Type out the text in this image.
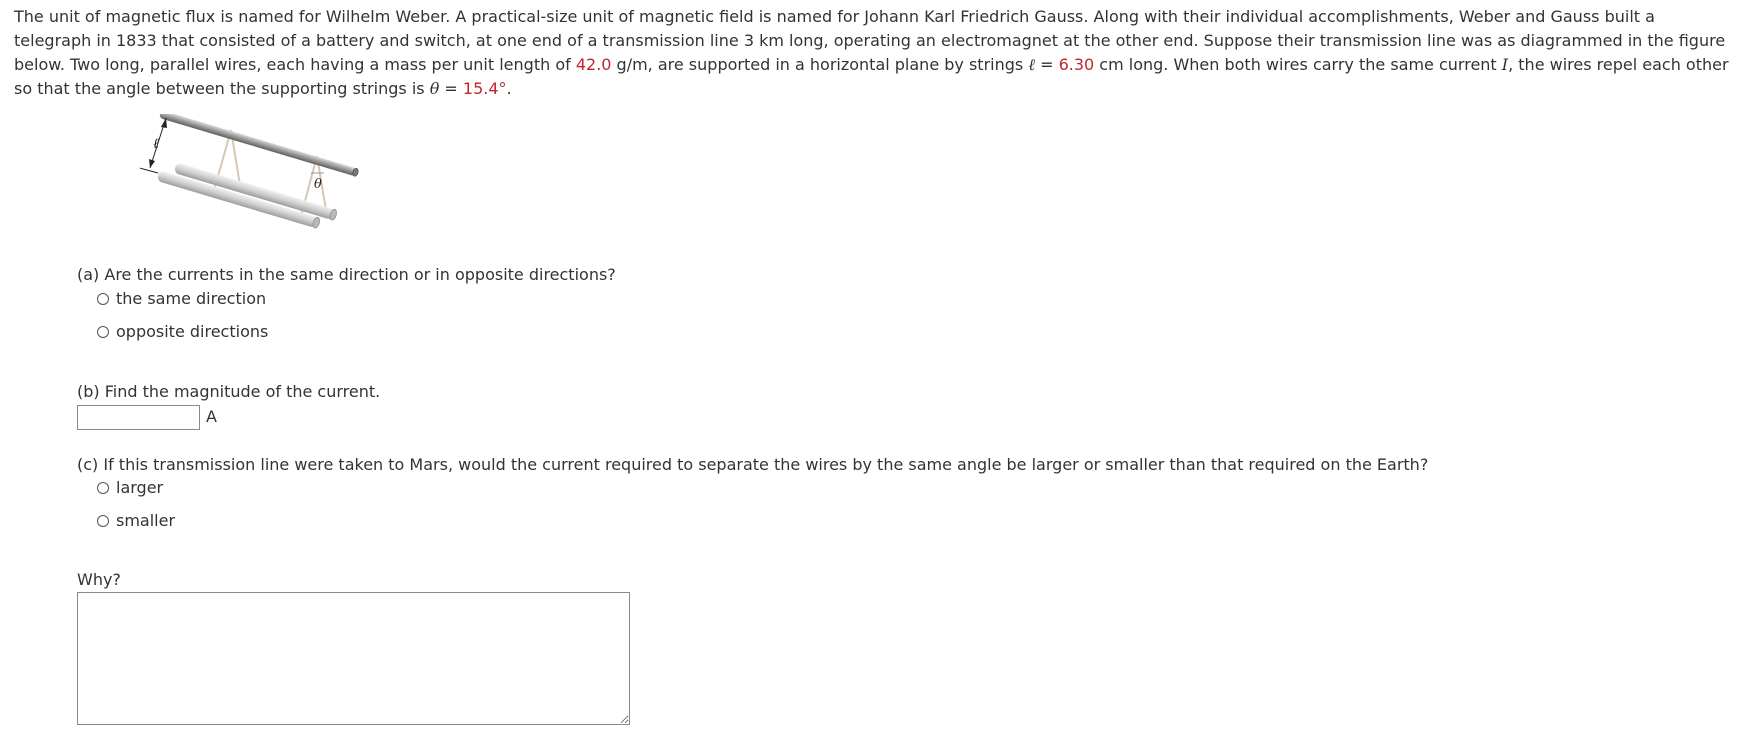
The unit of magnetic flux is named for Wilhelm Weber. A practical-size unit of magnetic field is named for Johann Karl Friedrich Gauss. Along with their individual accomplishments, Weber and Gauss built a telegraph in 1833 that consisted of a battery and switch, at one end of a transmission line 3 km long, operating an electromagnet at the other end. Suppose their transmission line was as diagrammed in the figure below. Two long, parallel wires, each having a mass per unit length of 42.0 g/m, are supported in a horizontal plane by strings ℓ = 6.30 cm long. When both wires carry the same current I, the wires repel each other so that the angle between the supporting strings is θ = 15.4°.

ℓ
θ

(a) Are the currents in the same direction or in opposite directions?

the same direction
opposite directions

(b) Find the magnitude of the current.

A

(c) If this transmission line were taken to Mars, would the current required to separate the wires by the same angle be larger or smaller than that required on the Earth?

larger
smaller

Why?
